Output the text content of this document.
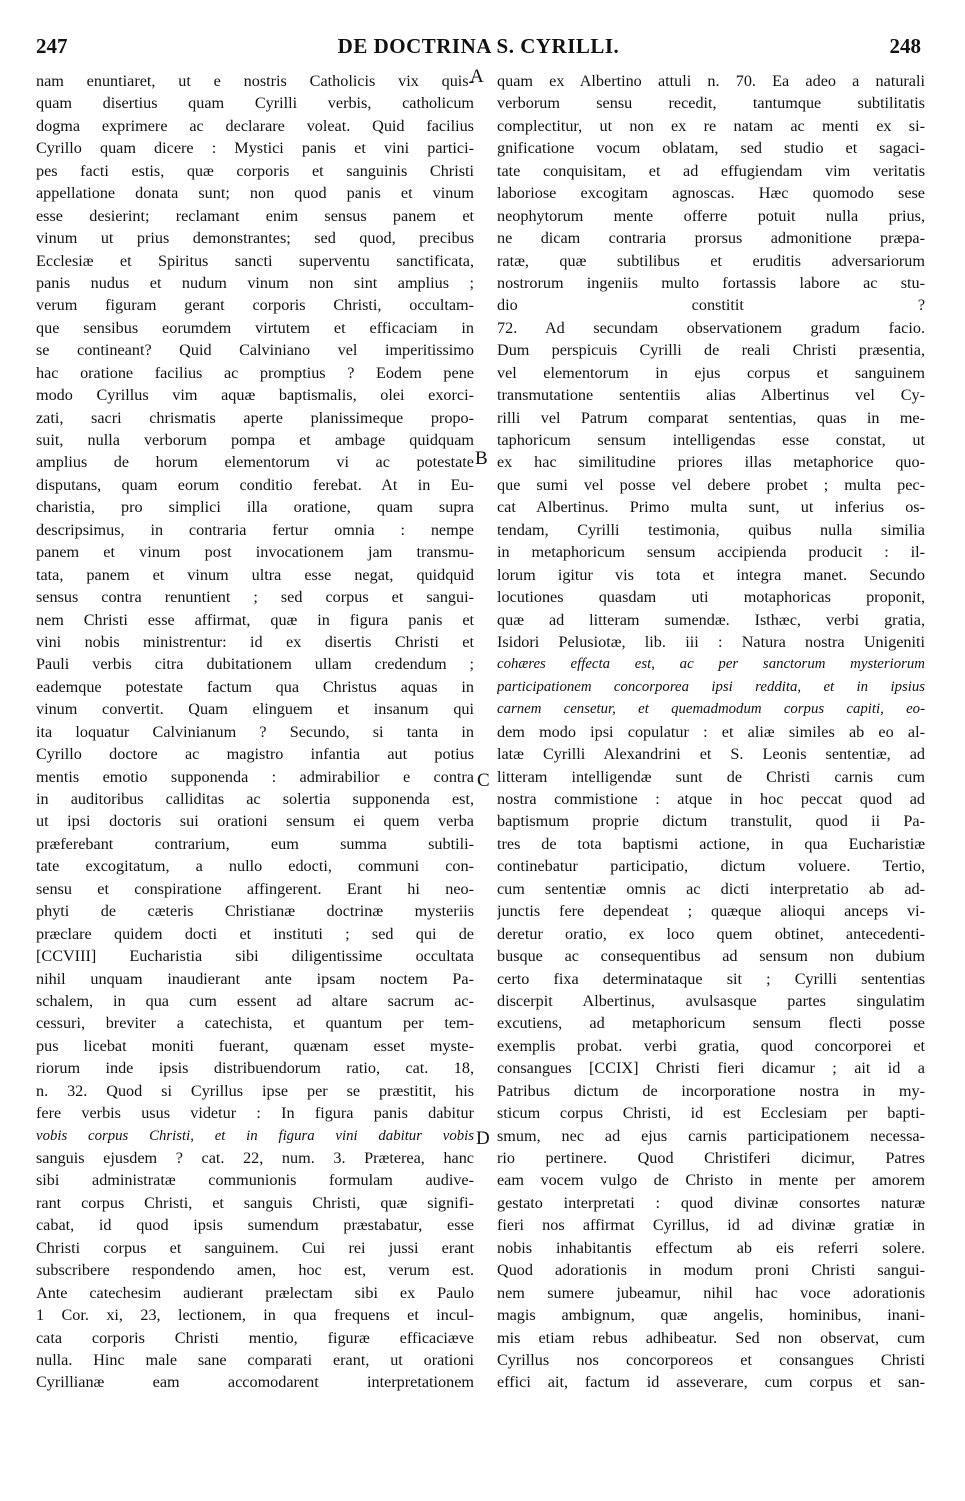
247	DE DOCTRINA S. CYRILLI.	248
nam enuntiaret, ut e nostris Catholicis vix quis-
quam disertius quam Cyrilli verbis, catholicum
dogma exprimere ac declarare voleat. Quid facilius
Cyrillo quam dicere : Mystici panis et vini partici-
pes facti estis, quæ corporis et sanguinis Christi
appellatione donata sunt; non quod panis et vinum
esse desierint; reclamant enim sensus panem et
vinum ut prius demonstrantes; sed quod, precibus
Ecclesiæ et Spiritus sancti superventu sanctificata,
panis nudus et nudum vinum non sint amplius ;
verum figuram gerant corporis Christi, occultam-
que sensibus eorumdem virtutem et efficaciam in
se contineant? Quid Calviniano vel imperitissimo
hac oratione facilius ac promptius ? Eodem pene
modo Cyrillus vim aquæ baptismalis, olei exorci-
zati, sacri chrismatis aperte planissimeque propo-
suit, nulla verborum pompa et ambage quidquam
amplius de horum elementorum vi ac potestate
disputans, quam eorum conditio ferebat. At in Eu-
charistia, pro simplici illa oratione, quam supra
descripsimus, in contraria fertur omnia : nempe
panem et vinum post invocationem jam transmu-
tata, panem et vinum ultra esse negat, quidquid
sensus contra renuntient ; sed corpus et sangui-
nem Christi esse affirmat, quæ in figura panis et
vini nobis ministrentur: id ex disertis Christi et
Pauli verbis citra dubitationem ullam credendum ;
eademque potestate factum qua Christus aquas in
vinum convertit. Quam elinguem et insanum qui
ita loquatur Calvinianum ? Secundo, si tanta in
Cyrillo doctore ac magistro infantia aut potius
mentis emotio supponenda : admirabilior e contra
in auditoribus calliditas ac solertia supponenda est,
ut ipsi doctoris sui orationi sensum ei quem verba
præferebant contrarium, eum summa subtili-
tate excogitatum, a nullo edocti, communi con-
sensu et conspiratione affingerent. Erant hi neo-
phyti de cæteris Christianæ doctrinæ mysteriis
præclare quidem docti et instituti ; sed qui de
[CCVIII] Eucharistia sibi diligentissime occultata
nihil unquam inaudierant ante ipsam noctem Pa-
schalem, in qua cum essent ad altare sacrum ac-
cessuri, breviter a catechista, et quantum per tem-
pus licebat moniti fuerant, quænam esset myste-
riorum inde ipsis distribuendorum ratio, cat. 18,
n. 32. Quod si Cyrillus ipse per se præstitit, his
fere verbis usus videtur : In figura panis dabitur
vobis corpus Christi, et in figura vini dabitur vobis
sanguis ejusdem ? cat. 22, num. 3. Præterea, hanc
sibi administratæ communionis formulam audive-
rant corpus Christi, et sanguis Christi, quæ signifi-
cabat, id quod ipsis sumendum præstabatur, esse
Christi corpus et sanguinem. Cui rei jussi erant
subscribere respondendo amen, hoc est, verum est.
Ante catechesim audierant prælectam sibi ex Paulo
1 Cor. xi, 23, lectionem, in qua frequens et incul-
cata corporis Christi mentio, figuræ efficaciæve
nulla. Hinc male sane comparati erant, ut orationi
Cyrillianæ eam accomodarent interpretationem
quam ex Albertino attuli n. 70. Ea adeo a naturali
verborum sensu recedit, tantumque subtilitatis
complectitur, ut non ex re natam ac menti ex si-
gnificatione vocum oblatam, sed studio et sagaci-
tate conquisitam, et ad effugiendam vim veritatis
laboriose excogitam agnoscas. Hæc quomodo sese
neophytorum mente offerre potuit nulla prius,
ne dicam contraria prorsus admonitione præpa-
ratæ, quæ subtilibus et eruditis adversariorum
nostrorum ingeniis multo fortassis labore ac stu-
dio constitit ?
72. Ad secundam observationem gradum facio.
Dum perspicuis Cyrilli de reali Christi præsentia,
vel elementorum in ejus corpus et sanguinem
transmutatione sententiis alias Albertinus vel Cy-
rilli vel Patrum comparat sententias, quas in me-
taphoricum sensum intelligendas esse constat, ut
ex hac similitudine priores illas metaphorice quo-
que sumi vel posse vel debere probet ; multa pec-
cat Albertinus. Primo multa sunt, ut inferius os-
tendam, Cyrilli testimonia, quibus nulla similia
in metaphoricum sensum accipienda producit : il-
lorum igitur vis tota et integra manet. Secundo
locutiones quasdam uti motaphoricas proponit,
quæ ad litteram sumendæ. Isthæc, verbi gratia,
Isidori Pelusiotæ, lib. iii : Natura nostra Unigeniti
cohæres effecta est, ac per sanctorum mysteriorum
participationem concorporea ipsi reddita, et in ipsius
carnem censetur, et quemadmodum corpus capiti, eo-
dem modo ipsi copulatur : et aliæ similes ab eo al-
latæ Cyrilli Alexandrini et S. Leonis sententiæ, ad
litteram intelligendæ sunt de Christi carnis cum
nostra commistione : atque in hoc peccat quod ad
baptismum proprie dictum transtulit, quod ii Pa-
tres de tota baptismi actione, in qua Eucharistiæ
continebatur participatio, dictum voluere. Tertio,
cum sententiæ omnis ac dicti interpretatio ab ad-
junctis fere dependeat ; quæque alioqui anceps vi-
deretur oratio, ex loco quem obtinet, antecedenti-
busque ac consequentibus ad sensum non dubium
certo fixa determinataque sit ; Cyrilli sententias
discerpit Albertinus, avulsasque partes singulatim
excutiens, ad metaphoricum sensum flecti posse
exemplis probat. verbi gratia, quod concorporei et
consangues [CCIX] Christi fieri dicamur ; ait id a
Patribus dictum de incorporatione nostra in my-
sticum corpus Christi, id est Ecclesiam per bapti-
smum, nec ad ejus carnis participationem necessa-
rio pertinere. Quod Christiferi dicimur, Patres
eam vocem vulgo de Christo in mente per amorem
gestato interpretati : quod divinæ consortes naturæ
fieri nos affirmat Cyrillus, id ad divinæ gratiæ in
nobis inhabitantis effectum ab eis referri solere.
Quod adorationis in modum proni Christi sangui-
nem sumere jubeamur, nihil hac voce adorationis
magis ambignum, quæ angelis, hominibus, inani-
mis etiam rebus adhibeatur. Sed non observat, cum
Cyrillus nos concorporeos et consangues Christi
effici ait, factum id asseverare, cum corpus et san-
A
B
C
D
